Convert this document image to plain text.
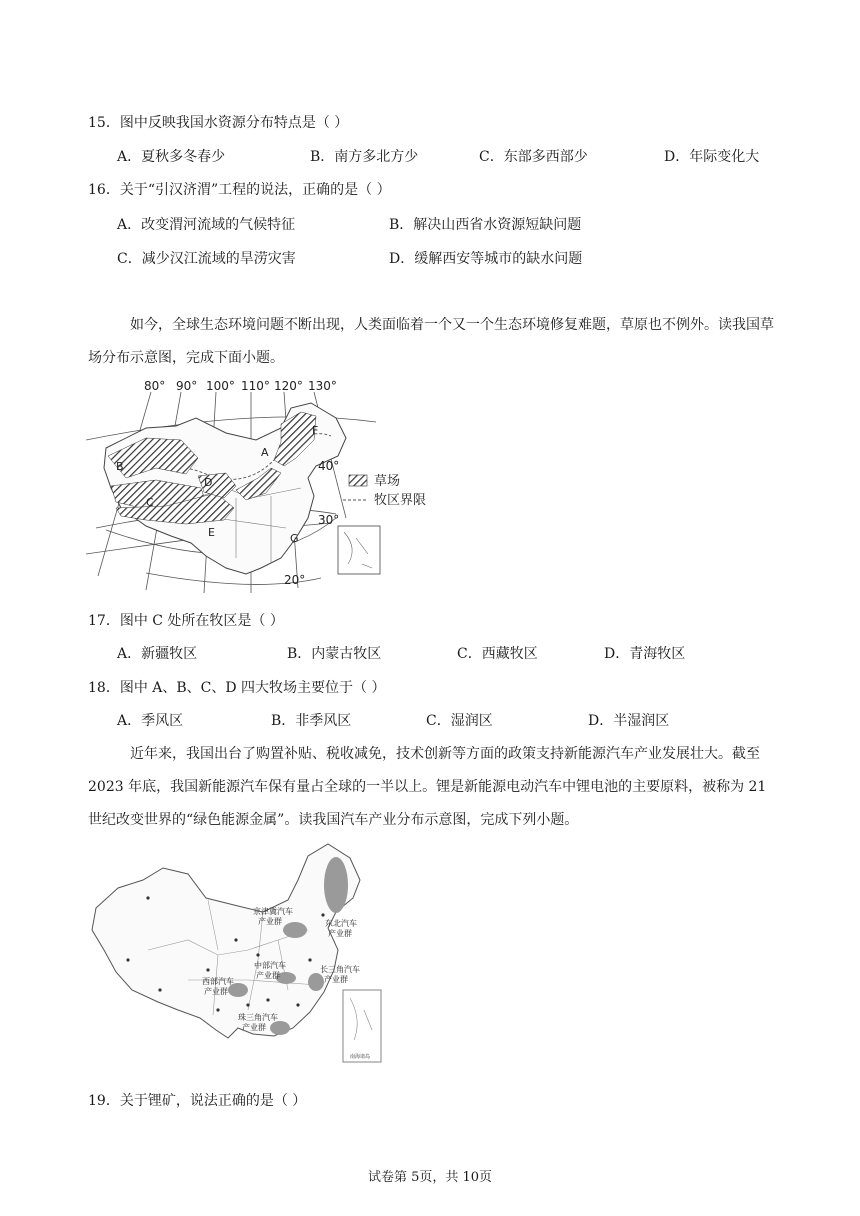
15．图中反映我国水资源分布特点是（ ）
A．夏秋多冬春少	B．南方多北方少	C．东部多西部少	D．年际变化大
16．关于“引汉济渭”工程的说法，正确的是（ ）
A．改变渭河流域的气候特征	B．解决山西省水资源短缺问题
C．减少汉江流域的旱涝灾害	D．缓解西安等城市的缺水问题
如今，全球生态环境问题不断出现，人类面临着一个又一个生态环境修复难题，草原也不例外。读我国草场分布示意图，完成下面小题。
80° 90° 100° 110° 120° 130°
40°
30°
20°
A
B
C
D
E
F
G
草场
牧区界限
17．图中 C 处所在牧区是（ ）
A．新疆牧区	B．内蒙古牧区	C．西藏牧区	D．青海牧区
18．图中 A、B、C、D 四大牧场主要位于（ ）
A．季风区	B．非季风区	C．湿润区	D．半湿润区
近年来，我国出台了购置补贴、税收减免，技术创新等方面的政策支持新能源汽车产业发展壮大。截至 2023 年底，我国新能源汽车保有量占全球的一半以上。锂是新能源电动汽车中锂电池的主要原料，被称为 21 世纪改变世界的“绿色能源金属”。读我国汽车产业分布示意图，完成下列小题。
南海诸岛
京津冀汽车
产业群	东北汽车
产业群
中部汽车
产业群
长三角汽车
产业群
西部汽车
产业群
珠三角汽车
产业群
19．关于锂矿，说法正确的是（ ）
试卷第 5页，共 10页
